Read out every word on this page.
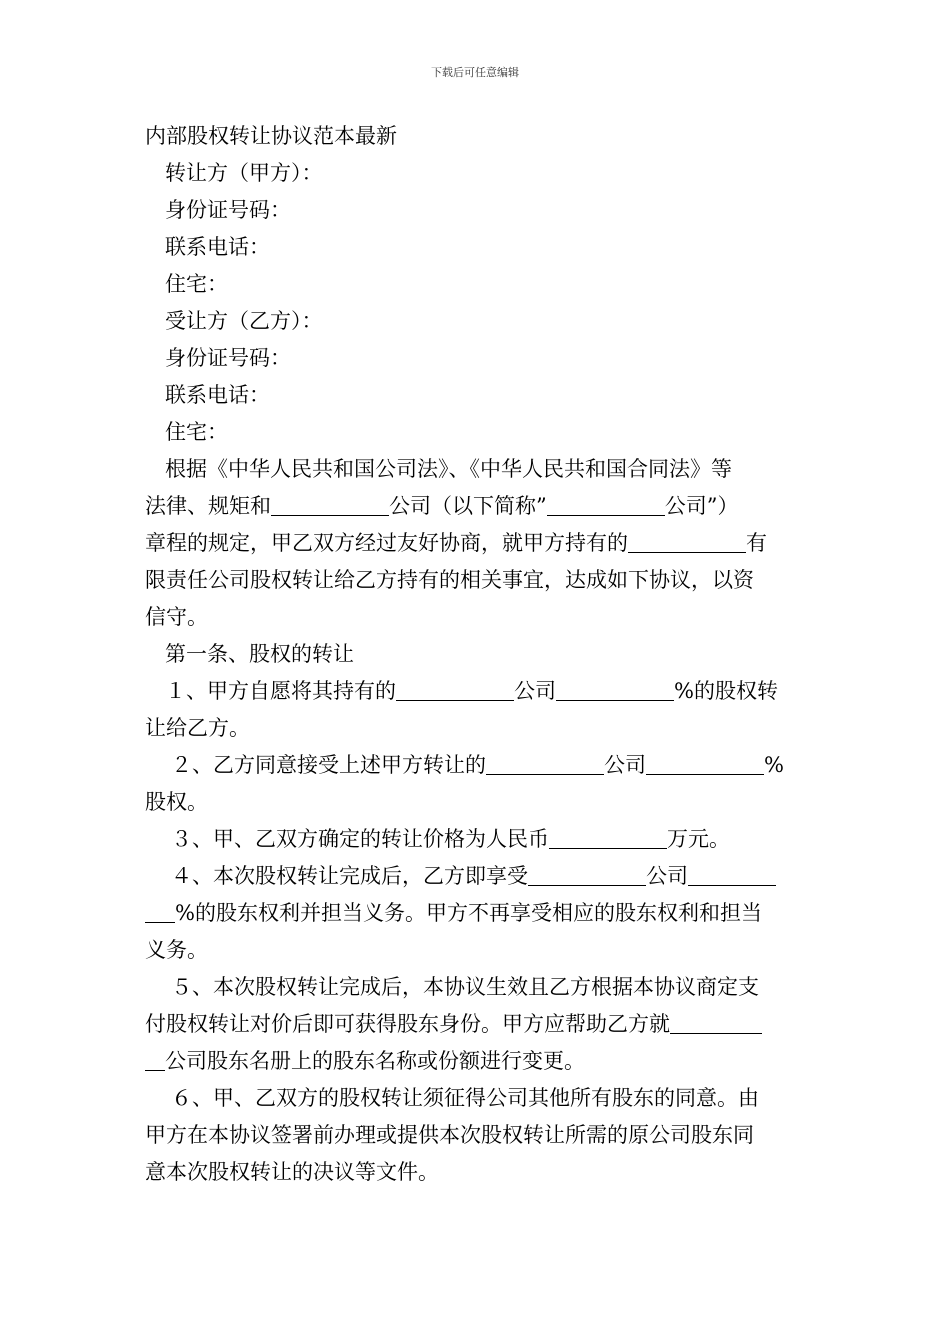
下载后可任意编辑
内部股权转让协议范本最新
转让方（甲方）：
身份证号码：
联系电话：
住宅：
受让方（乙方）：
身份证号码：
联系电话：
住宅：
根据《中华人民共和国公司法》、《中华人民共和国合同法》等
法律、规矩和	公司（以下简称”	公司”）
章程的规定，甲乙双方经过友好协商，就甲方持有的	有
限责任公司股权转让给乙方持有的相关事宜，达成如下协议，以资
信守。
第一条、股权的转让
１、甲方自愿将其持有的	公司	%的股权转
让给乙方。
２、乙方同意接受上述甲方转让的	公司	%
股权。
３、甲、乙双方确定的转让价格为人民币	万元。
４、本次股权转让完成后，乙方即享受	公司
%的股东权利并担当义务。甲方不再享受相应的股东权利和担当
义务。
５、本次股权转让完成后，本协议生效且乙方根据本协议商定支
付股权转让对价后即可获得股东身份。甲方应帮助乙方就
公司股东名册上的股东名称或份额进行变更。
６、甲、乙双方的股权转让须征得公司其他所有股东的同意。由
甲方在本协议签署前办理或提供本次股权转让所需的原公司股东同
意本次股权转让的决议等文件。
